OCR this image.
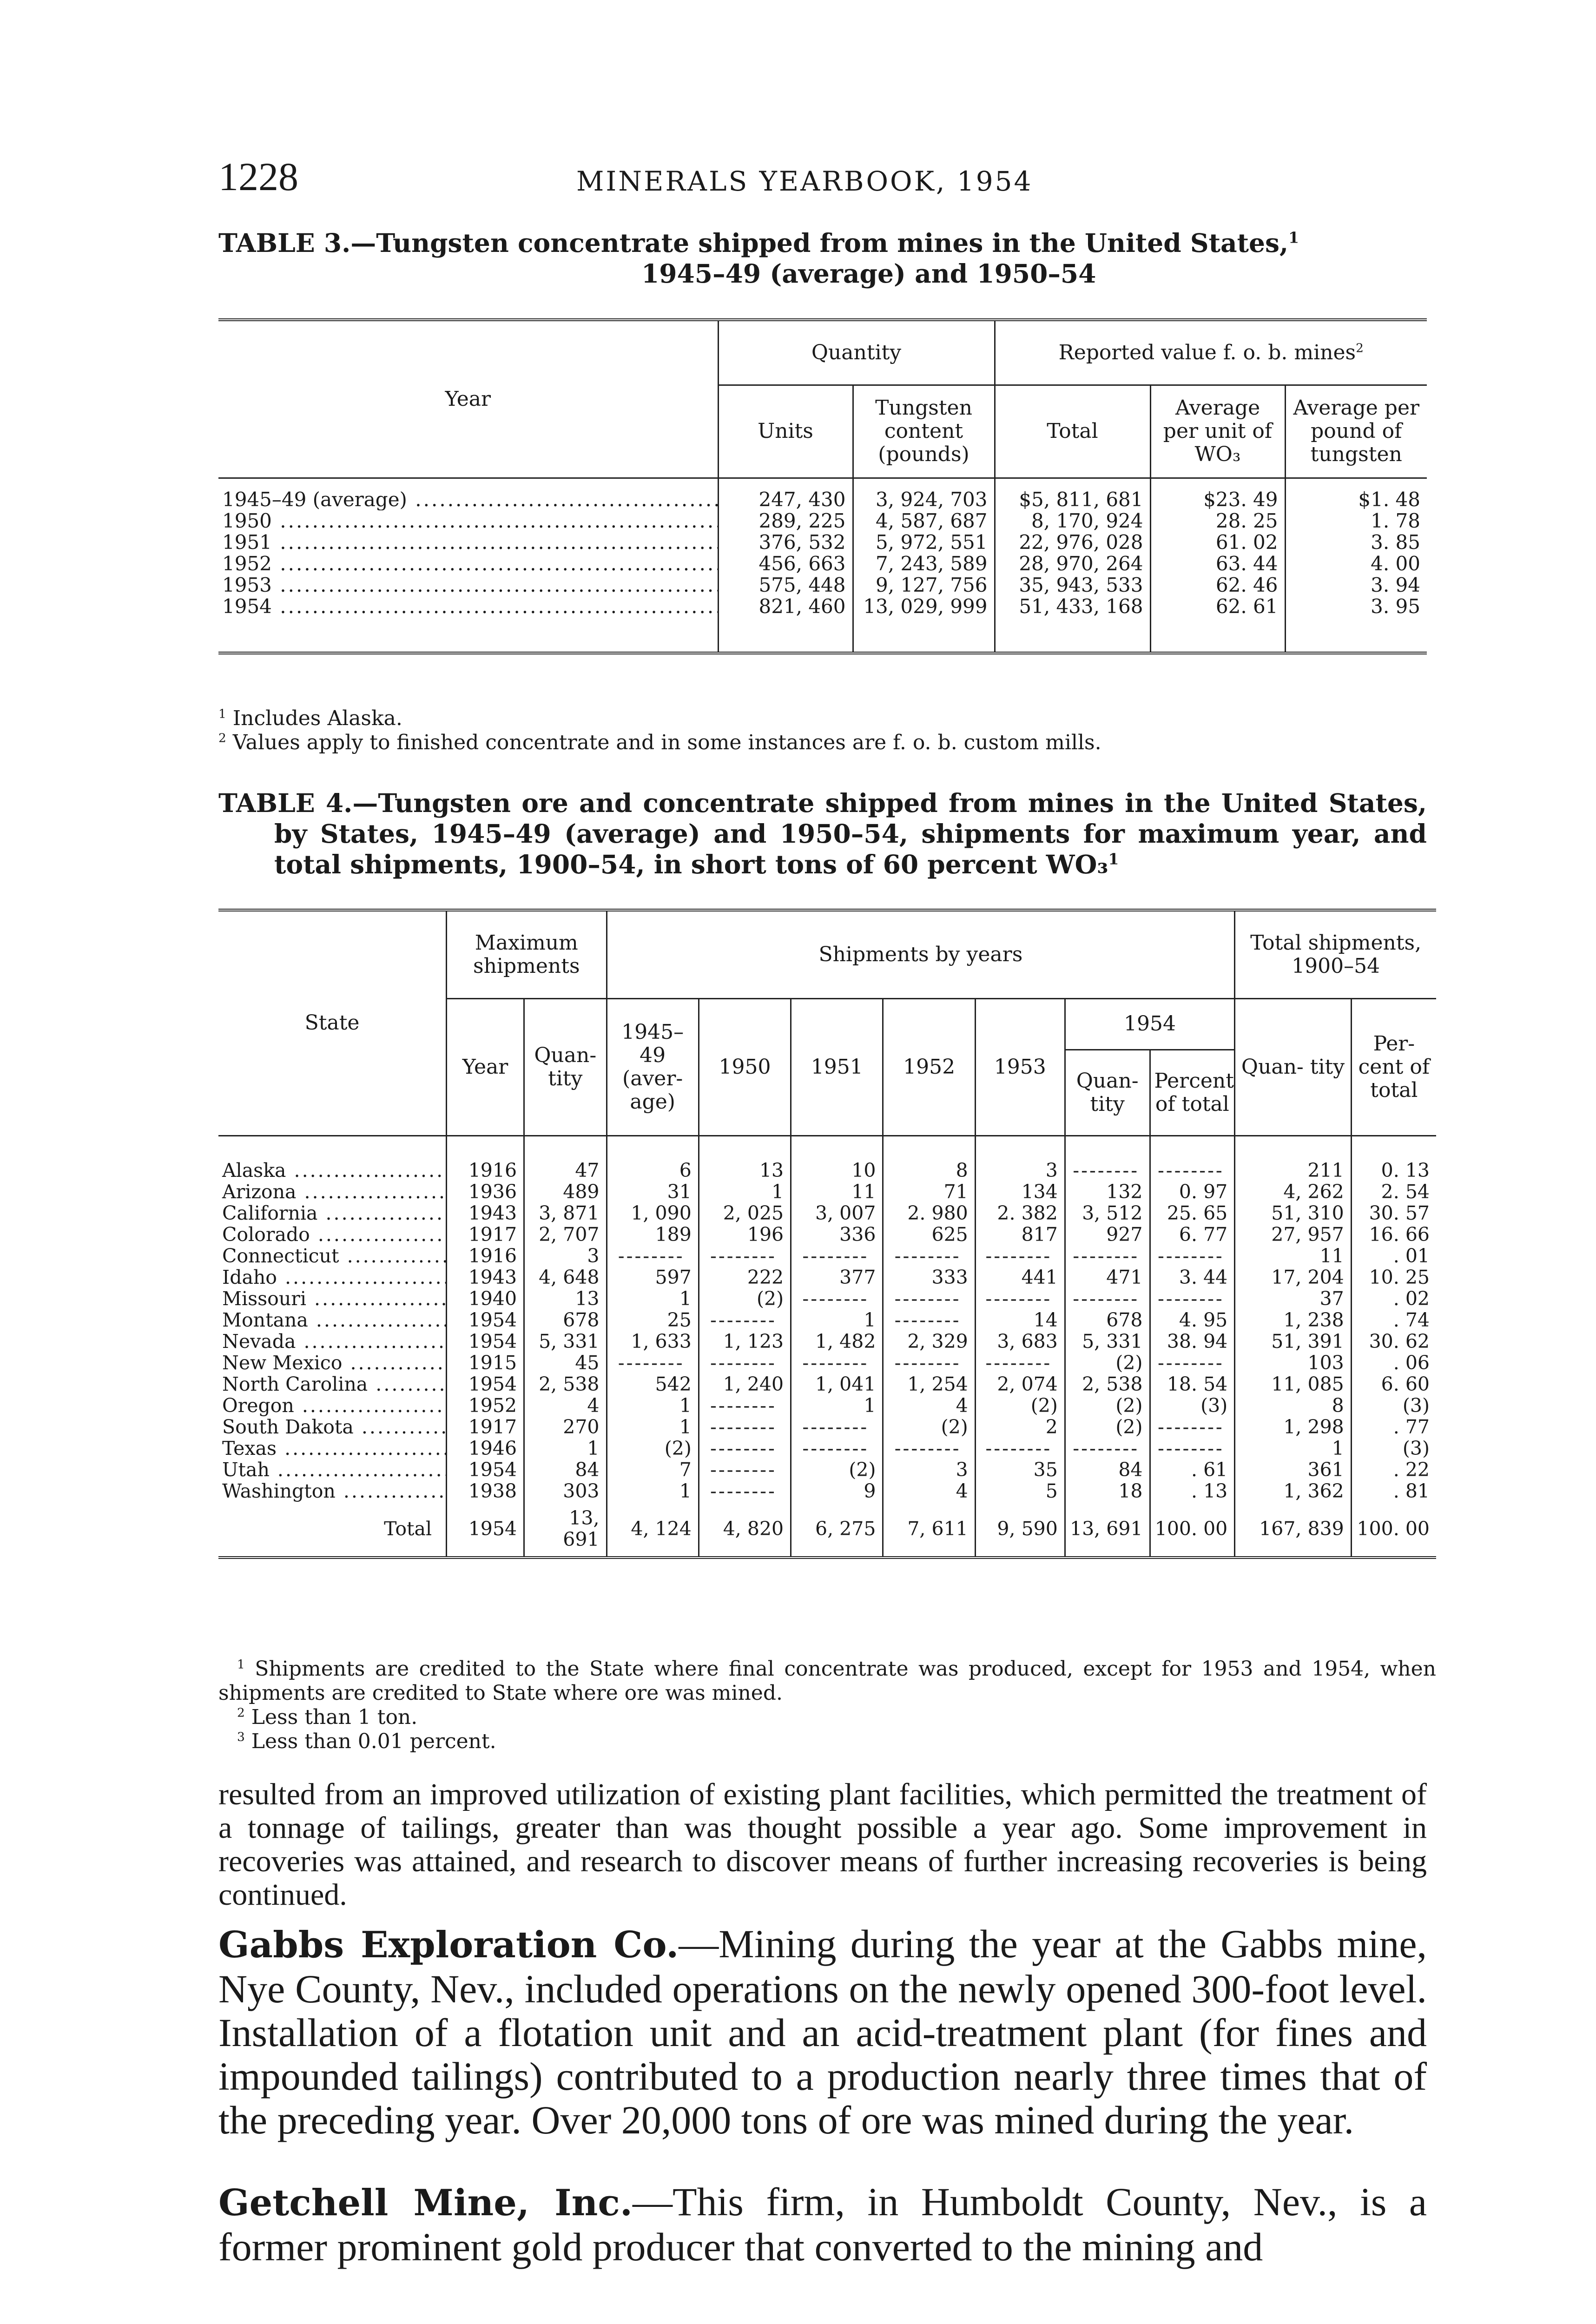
1228	MINERALS YEARBOOK, 1954
TABLE 3.—Tungsten concentrate shipped from mines in the United States,$^1$
1945–49 (average) and 1950–54
Year	Quantity		Reported value f. o. b. mines$^2$
	Units	Tungsten content (pounds)	Total	Average per unit of WO₃	Average per pound of tungsten
1945–49 (average) .....	247, 430	3, 924, 703	$5, 811, 681	$23. 49	$1. 48
1950 .....	289, 225	4, 587, 687	8, 170, 924	28. 25	1. 78
1951 .....	376, 532	5, 972, 551	22, 976, 028	61. 02	3. 85
1952 .....	456, 663	7, 243, 589	28, 970, 264	63. 44	4. 00
1953 .....	575, 448	9, 127, 756	35, 943, 533	62. 46	3. 94
1954 .....	821, 460	13, 029, 999	51, 433, 168	62. 61	3. 95
$^1$ Includes Alaska.
$^2$ Values apply to finished concentrate and in some instances are f. o. b. custom mills.
TABLE 4.—Tungsten ore and concentrate shipped from mines in the United States, by States, 1945–49 (average) and 1950–54, shipments for maximum year, and total shipments, 1900–54, in short tons of 60 percent WO₃$^1$
State	Maximum shipments		Shipments by years							Total shipments, 1900–54	
	Year	Quan- tity	1945–49 (aver- age)	1950	1951	1952	1953	1954		Quan- tity	Per- cent of total
								Quan- tity	Percent of total		
Alaska .....	1916	47	6	13	10	8	3	--------	--------	211	0. 13
Arizona .....	1936	489	31	1	11	71	134	132	0. 97	4, 262	2. 54
California .....	1943	3, 871	1, 090	2, 025	3, 007	2. 980	2. 382	3, 512	25. 65	51, 310	30. 57
Colorado .....	1917	2, 707	189	196	336	625	817	927	6. 77	27, 957	16. 66
Connecticut .....	1916	3	--------	--------	--------	--------	--------	--------	--------	11	. 01
Idaho .....	1943	4, 648	597	222	377	333	441	471	3. 44	17, 204	10. 25
Missouri .....	1940	13	1	(2)	--------	--------	--------	--------	--------	37	. 02
Montana .....	1954	678	25	--------	1	--------	14	678	4. 95	1, 238	. 74
Nevada .....	1954	5, 331	1, 633	1, 123	1, 482	2, 329	3, 683	5, 331	38. 94	51, 391	30. 62
New Mexico .....	1915	45	--------	--------	--------	--------	--------	(2)	--------	103	. 06
North Carolina .....	1954	2, 538	542	1, 240	1, 041	1, 254	2, 074	2, 538	18. 54	11, 085	6. 60
Oregon .....	1952	4	1	--------	1	4	(2)	(2)	(3)	8	(3)
South Dakota .....	1917	270	1	--------	--------	(2)	2	(2)	--------	1, 298	. 77
Texas .....	1946	1	(2)	--------	--------	--------	--------	--------	--------	1	(3)
Utah .....	1954	84	7	--------	(2)	3	35	84	. 61	361	. 22
Washington .....	1938	303	1	--------	9	4	5	18	. 13	1, 362	. 81
Total	1954	13, 691	4, 124	4, 820	6, 275	7, 611	9, 590	13, 691	100. 00	167, 839	100. 00
$^1$ Shipments are credited to the State where final concentrate was produced, except for 1953 and 1954, when shipments are credited to State where ore was mined.
$^2$ Less than 1 ton.
$^3$ Less than 0.01 percent.
resulted from an improved utilization of existing plant facilities, which permitted the treatment of a tonnage of tailings, greater than was thought possible a year ago. Some improvement in recoveries was attained, and research to discover means of further increasing recoveries is being continued.
Gabbs Exploration Co.—Mining during the year at the Gabbs mine, Nye County, Nev., included operations on the newly opened 300-foot level. Installation of a flotation unit and an acid-treatment plant (for fines and impounded tailings) contributed to a production nearly three times that of the preceding year. Over 20,000 tons of ore was mined during the year.
Getchell Mine, Inc.—This firm, in Humboldt County, Nev., is a former prominent gold producer that converted to the mining and
